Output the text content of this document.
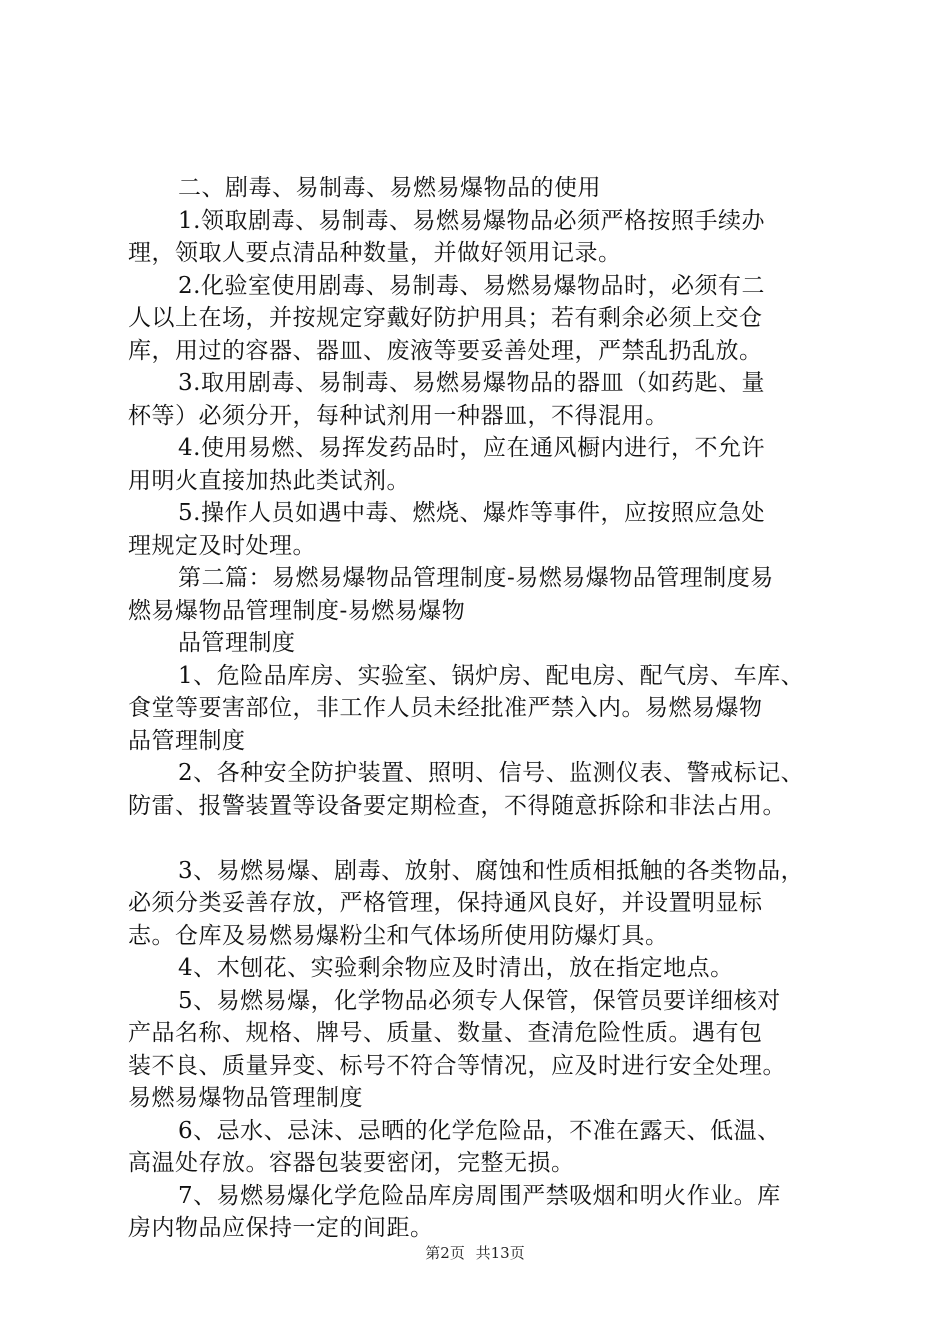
二、剧毒、易制毒、易燃易爆物品的使用
1.领取剧毒、易制毒、易燃易爆物品必须严格按照手续办
理，领取人要点清品种数量，并做好领用记录。
2.化验室使用剧毒、易制毒、易燃易爆物品时，必须有二
人以上在场，并按规定穿戴好防护用具；若有剩余必须上交仓
库，用过的容器、器皿、废液等要妥善处理，严禁乱扔乱放。
3.取用剧毒、易制毒、易燃易爆物品的器皿（如药匙、量
杯等）必须分开，每种试剂用一种器皿，不得混用。
4.使用易燃、易挥发药品时，应在通风橱内进行，不允许
用明火直接加热此类试剂。
5.操作人员如遇中毒、燃烧、爆炸等事件，应按照应急处
理规定及时处理。
第二篇：易燃易爆物品管理制度-易燃易爆物品管理制度易
燃易爆物品管理制度-易燃易爆物
品管理制度
1、危险品库房、实验室、锅炉房、配电房、配气房、车库、
食堂等要害部位，非工作人员未经批准严禁入内。易燃易爆物
品管理制度
2、各种安全防护装置、照明、信号、监测仪表、警戒标记、
防雷、报警装置等设备要定期检查，不得随意拆除和非法占用。
3、易燃易爆、剧毒、放射、腐蚀和性质相抵触的各类物品，
必须分类妥善存放，严格管理，保持通风良好，并设置明显标
志。仓库及易燃易爆粉尘和气体场所使用防爆灯具。
4、木刨花、实验剩余物应及时清出，放在指定地点。
5、易燃易爆，化学物品必须专人保管，保管员要详细核对
产品名称、规格、牌号、质量、数量、查清危险性质。遇有包
装不良、质量异变、标号不符合等情况，应及时进行安全处理。
易燃易爆物品管理制度
6、忌水、忌沫、忌晒的化学危险品，不准在露天、低温、
高温处存放。容器包装要密闭，完整无损。
7、易燃易爆化学危险品库房周围严禁吸烟和明火作业。库
房内物品应保持一定的间距。
第2页 共13页
